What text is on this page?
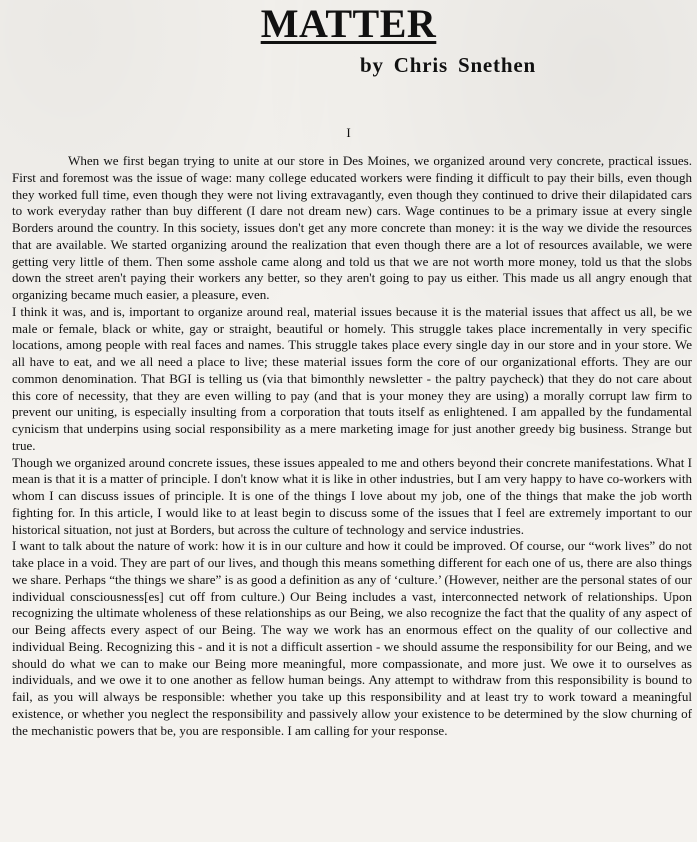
MATTER
by Chris Snethen
I

When we first began trying to unite at our store in Des Moines, we organized around very concrete, practical issues. First and foremost was the issue of wage: many college educated workers were finding it difficult to pay their bills, even though they worked full time, even though they were not living extravagantly, even though they continued to drive their dilapidated cars to work everyday rather than buy different (I dare not dream new) cars. Wage continues to be a primary issue at every single Borders around the country. In this society, issues don't get any more concrete than money: it is the way we divide the resources that are available. We started organizing around the realization that even though there are a lot of resources available, we were getting very little of them. Then some asshole came along and told us that we are not worth more money, told us that the slobs down the street aren't paying their workers any better, so they aren't going to pay us either. This made us all angry enough that organizing became much easier, a pleasure, even.

I think it was, and is, important to organize around real, material issues because it is the material issues that affect us all, be we male or female, black or white, gay or straight, beautiful or homely. This struggle takes place incrementally in very specific locations, among people with real faces and names. This struggle takes place every single day in our store and in your store. We all have to eat, and we all need a place to live; these material issues form the core of our organizational efforts. They are our common denomination. That BGI is telling us (via that bimonthly newsletter - the paltry paycheck) that they do not care about this core of necessity, that they are even willing to pay (and that is your money they are using) a morally corrupt law firm to prevent our uniting, is especially insulting from a corporation that touts itself as enlightened. I am appalled by the fundamental cynicism that underpins using social responsibility as a mere marketing image for just another greedy big business. Strange but true.

Though we organized around concrete issues, these issues appealed to me and others beyond their concrete manifestations. What I mean is that it is a matter of principle. I don't know what it is like in other industries, but I am very happy to have co-workers with whom I can discuss issues of principle. It is one of the things I love about my job, one of the things that make the job worth fighting for. In this article, I would like to at least begin to discuss some of the issues that I feel are extremely important to our historical situation, not just at Borders, but across the culture of technology and service industries.

I want to talk about the nature of work: how it is in our culture and how it could be improved. Of course, our “work lives” do not take place in a void. They are part of our lives, and though this means something different for each one of us, there are also things we share. Perhaps “the things we share” is as good a definition as any of ‘culture.’ (However, neither are the personal states of our individual consciousness[es] cut off from culture.) Our Being includes a vast, interconnected network of relationships. Upon recognizing the ultimate wholeness of these relationships as our Being, we also recognize the fact that the quality of any aspect of our Being affects every aspect of our Being. The way we work has an enormous effect on the quality of our collective and individual Being. Recognizing this - and it is not a difficult assertion - we should assume the responsibility for our Being, and we should do what we can to make our Being more meaningful, more compassionate, and more just. We owe it to ourselves as individuals, and we owe it to one another as fellow human beings. Any attempt to withdraw from this responsibility is bound to fail, as you will always be responsible: whether you take up this responsibility and at least try to work toward a meaningful existence, or whether you neglect the responsibility and passively allow your existence to be determined by the slow churning of the mechanistic powers that be, you are responsible. I am calling for your response.
